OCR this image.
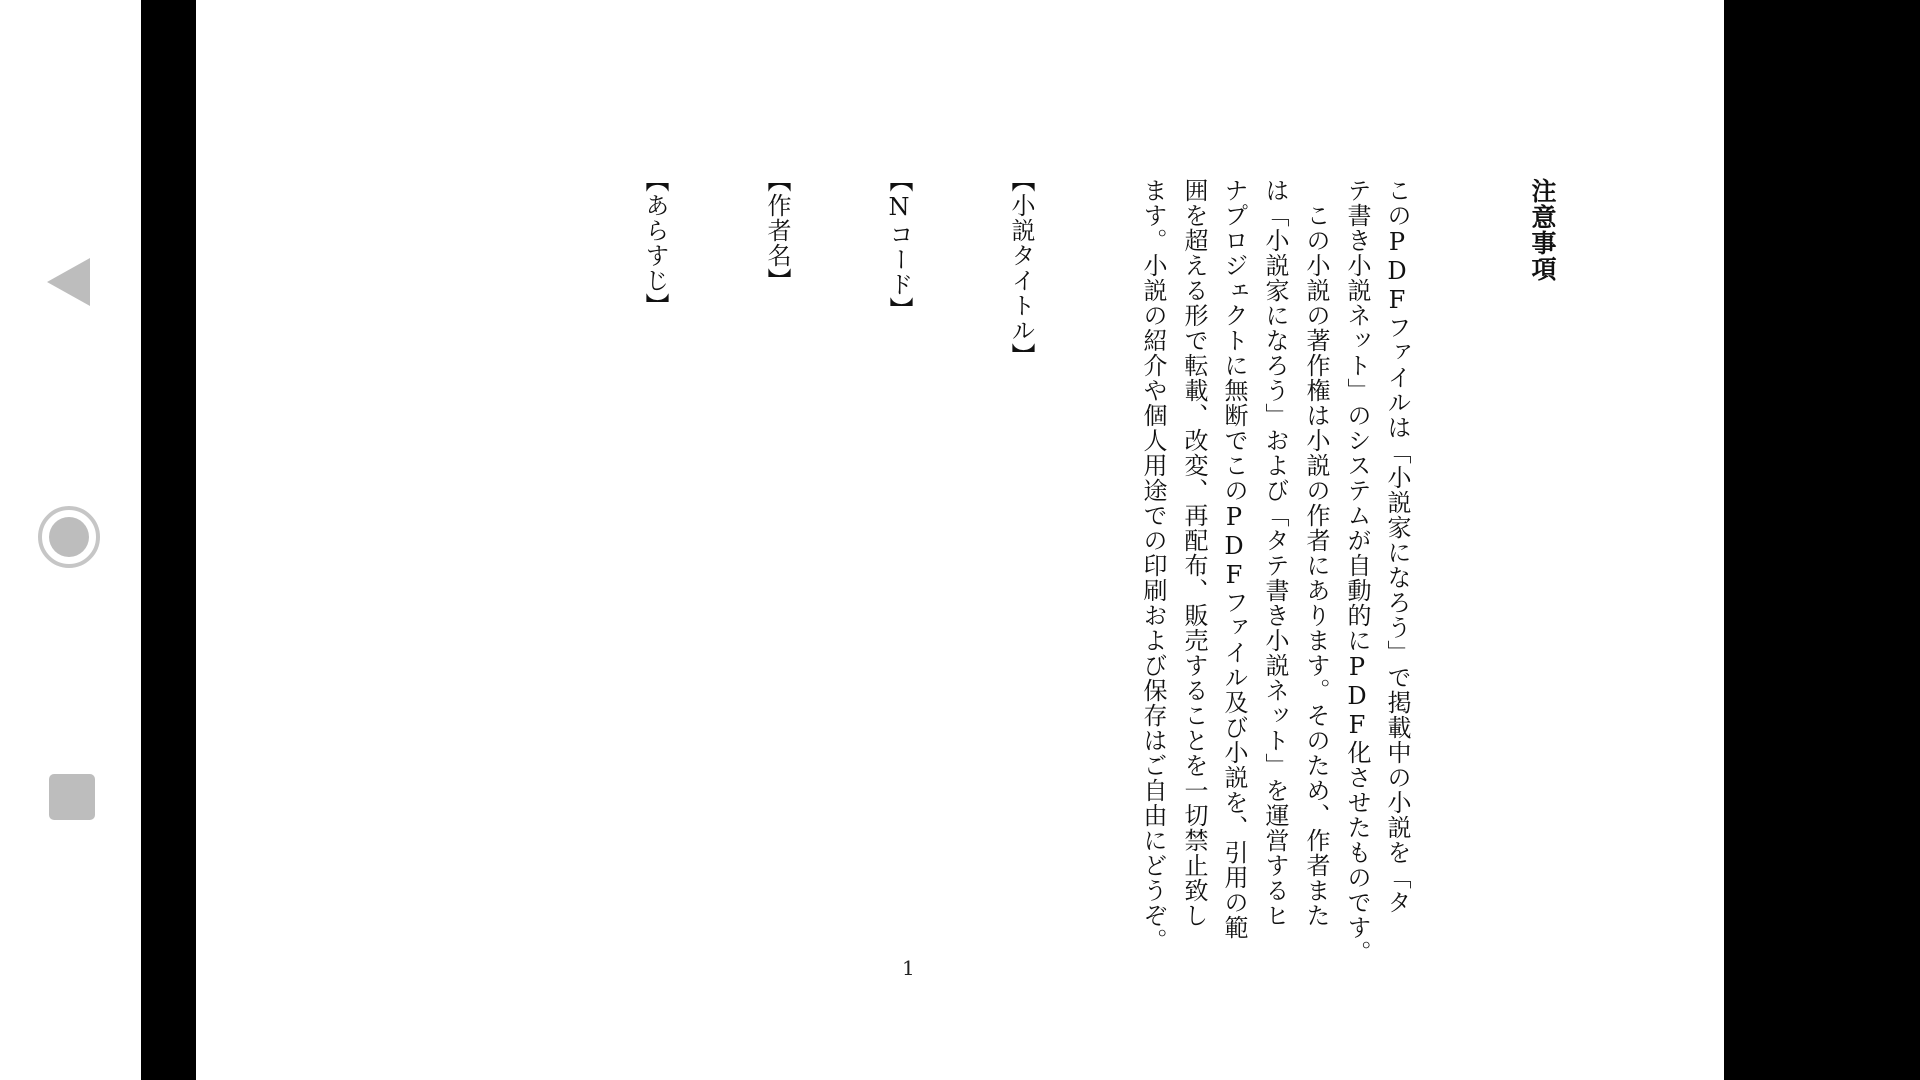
注意事項

このPDFファイルは「小説家になろう」で掲載中の小説を「タ

テ書き小説ネット」のシステムが自動的にPDF化させたものです。

　この小説の著作権は小説の作者にあります。そのため、作者また

は「小説家になろう」および「タテ書き小説ネット」を運営するヒ

ナプロジェクトに無断でこのPDFファイル及び小説を、引用の範

囲を超える形で転載、改変、再配布、販売することを一切禁止致し

ます。小説の紹介や個人用途での印刷および保存はご自由にどうぞ。

【小説タイトル】

【Nコード】

【作者名】

【あらすじ】

1
